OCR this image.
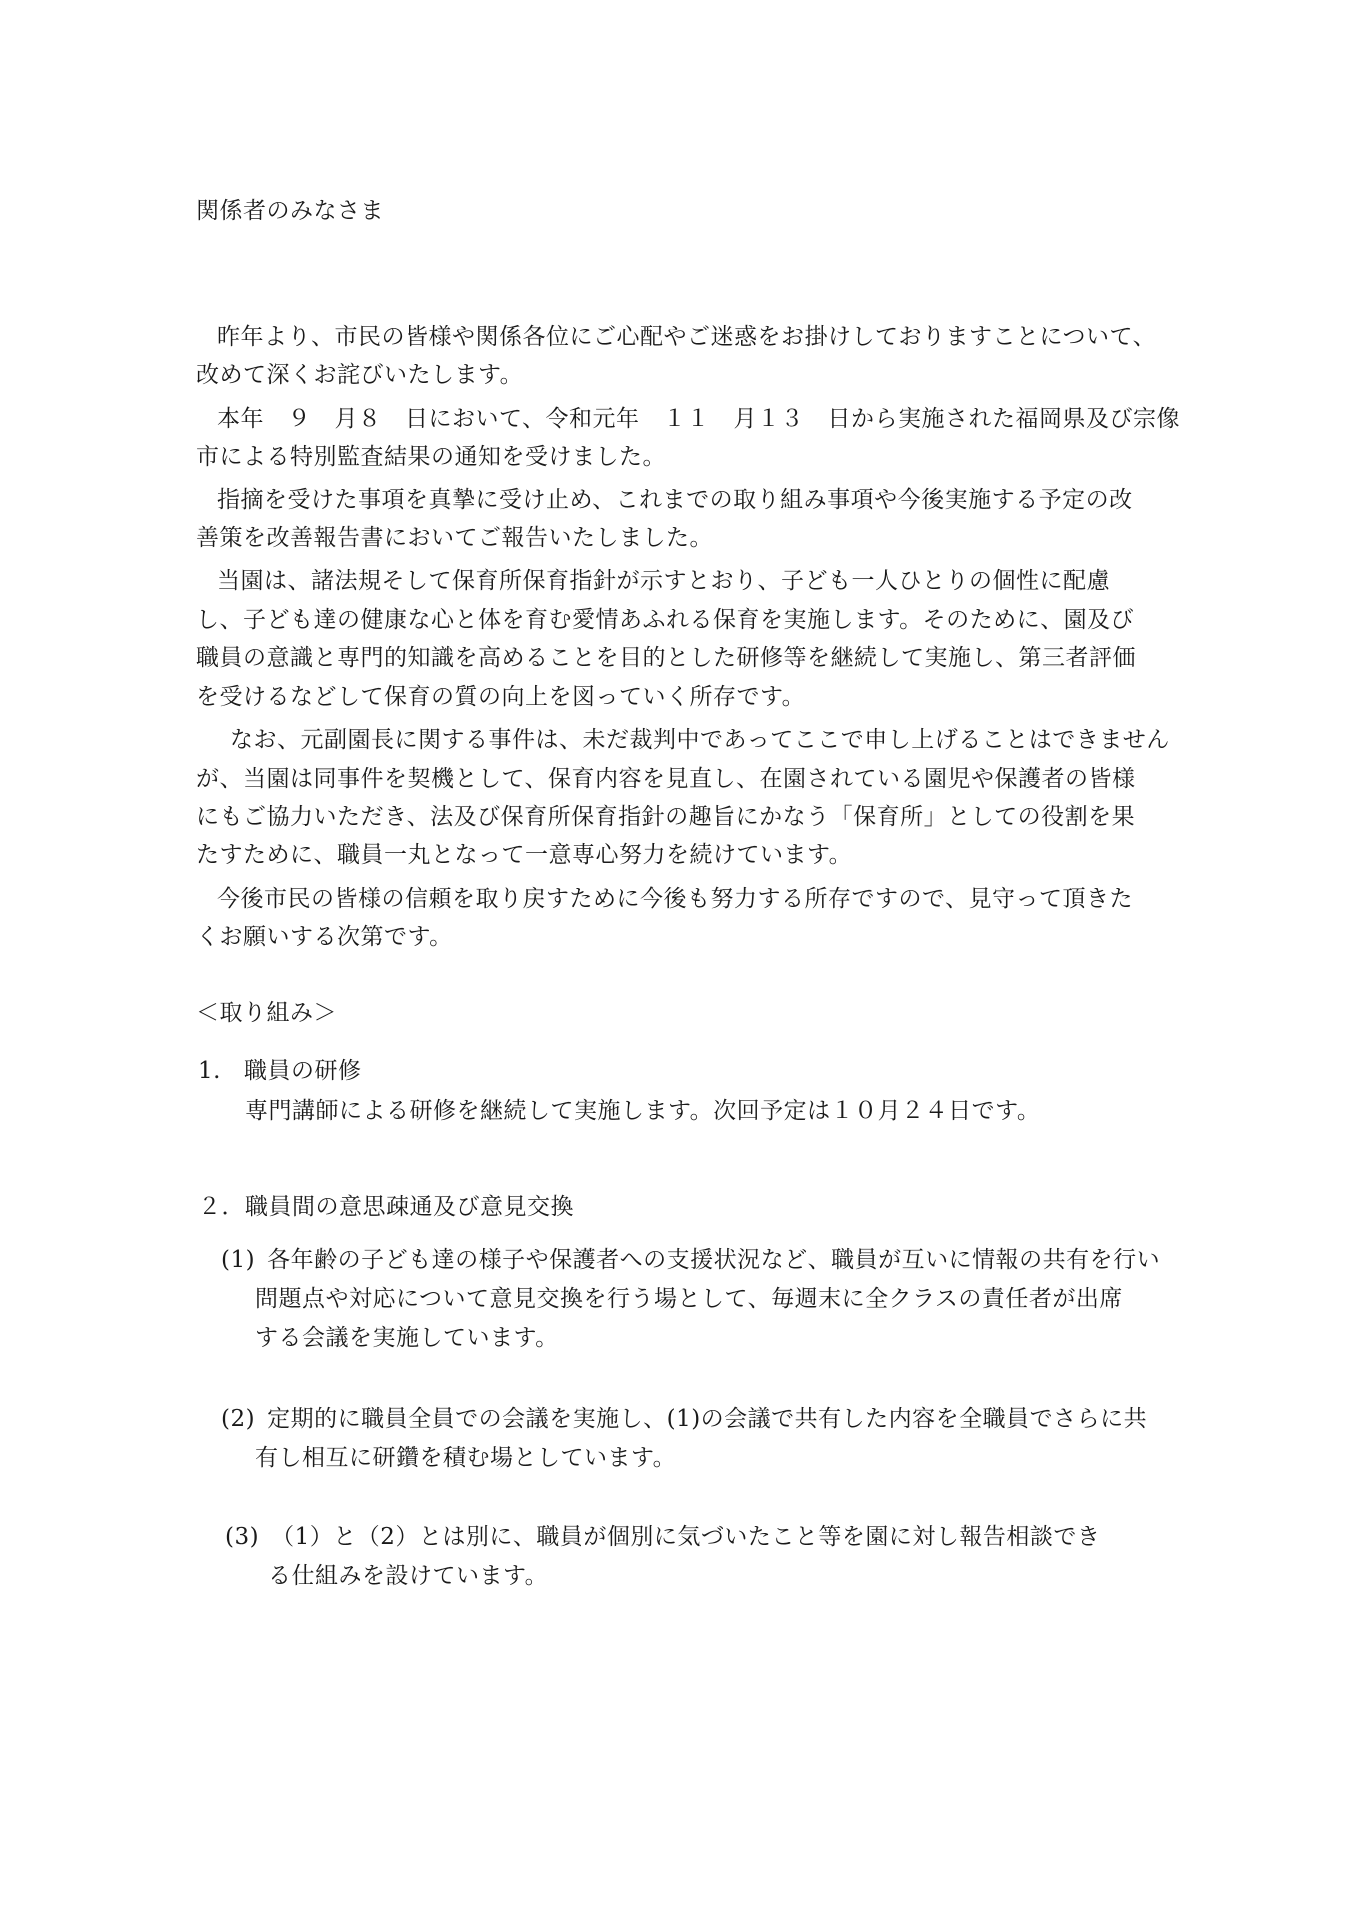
関係者のみなさま
昨年より、市民の皆様や関係各位にご心配やご迷惑をお掛けしておりますことについて、
改めて深くお詫びいたします。
本年　９　月８　日において、令和元年　１１　月１３　日から実施された福岡県及び宗像
市による特別監査結果の通知を受けました。
指摘を受けた事項を真摯に受け止め、これまでの取り組み事項や今後実施する予定の改
善策を改善報告書においてご報告いたしました。
当園は、諸法規そして保育所保育指針が示すとおり、子ども一人ひとりの個性に配慮
し、子ども達の健康な心と体を育む愛情あふれる保育を実施します。そのために、園及び
職員の意識と専門的知識を高めることを目的とした研修等を継続して実施し、第三者評価
を受けるなどして保育の質の向上を図っていく所存です。
なお、元副園長に関する事件は、未だ裁判中であってここで申し上げることはできません
が、当園は同事件を契機として、保育内容を見直し、在園されている園児や保護者の皆様
にもご協力いただき、法及び保育所保育指針の趣旨にかなう「保育所」としての役割を果
たすために、職員一丸となって一意専心努力を続けています。
今後市民の皆様の信頼を取り戻すために今後も努力する所存ですので、見守って頂きた
くお願いする次第です。
＜取り組み＞
1. 職員の研修
専門講師による研修を継続して実施します。次回予定は１０月２４日です。
２．職員間の意思疎通及び意見交換
(1) 各年齢の子ども達の様子や保護者への支援状況など、職員が互いに情報の共有を行い
問題点や対応について意見交換を行う場として、毎週末に全クラスの責任者が出席
する会議を実施しています。
(2) 定期的に職員全員での会議を実施し、(1)の会議で共有した内容を全職員でさらに共
有し相互に研鑽を積む場としています。
(3) （1）と（2）とは別に、職員が個別に気づいたこと等を園に対し報告相談でき
る仕組みを設けています。
